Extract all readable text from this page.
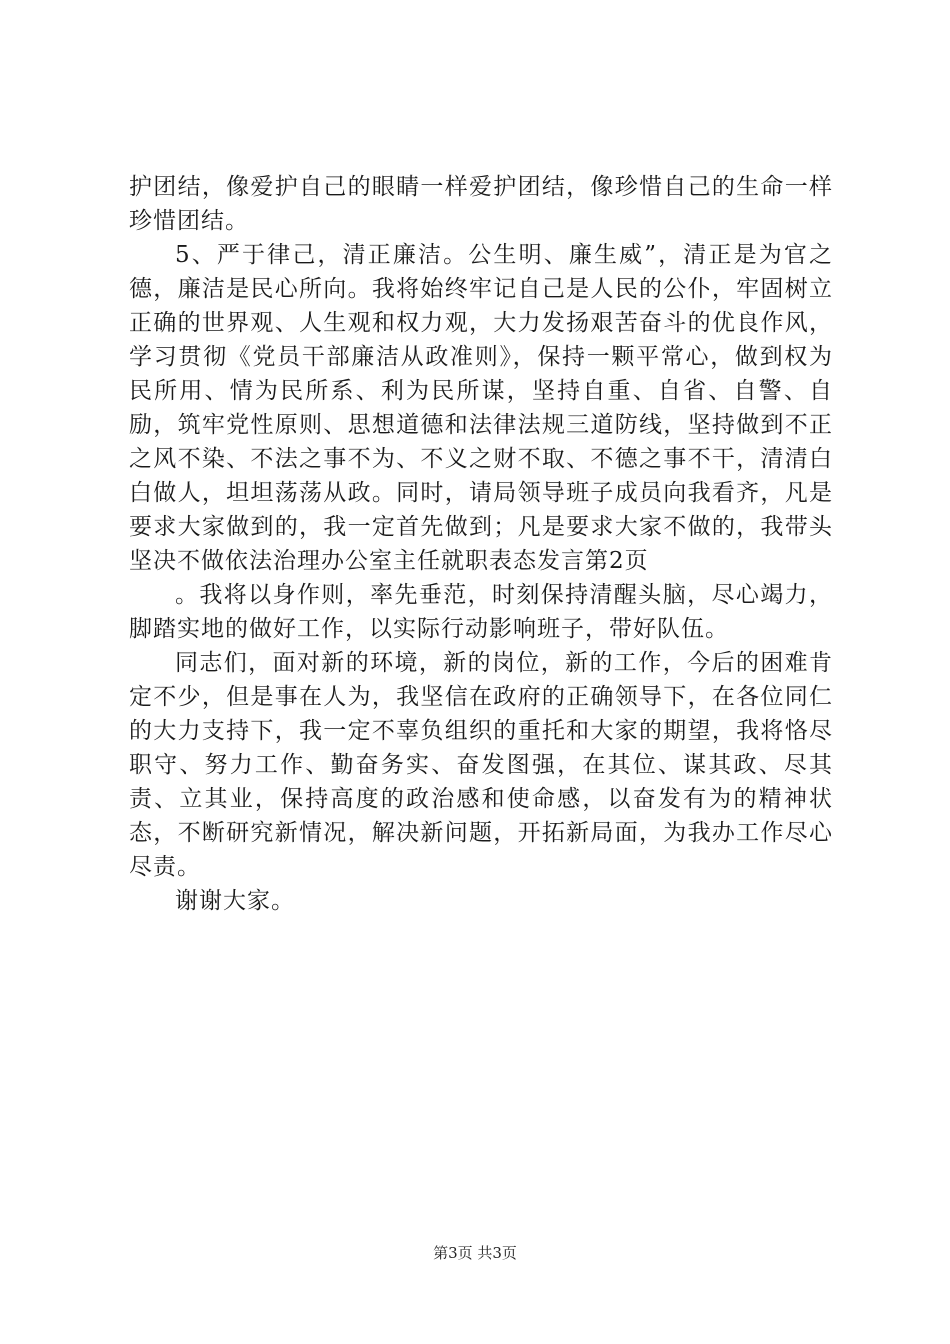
护团结，像爱护自己的眼睛一样爱护团结，像珍惜自己的生命一样珍惜团结。

5、严于律己，清正廉洁。公生明、廉生威”，清正是为官之德，廉洁是民心所向。我将始终牢记自己是人民的公仆，牢固树立正确的世界观、人生观和权力观，大力发扬艰苦奋斗的优良作风，学习贯彻《党员干部廉洁从政准则》，保持一颗平常心，做到权为民所用、情为民所系、利为民所谋，坚持自重、自省、自警、自励，筑牢党性原则、思想道德和法律法规三道防线，坚持做到不正之风不染、不法之事不为、不义之财不取、不德之事不干，清清白白做人，坦坦荡荡从政。同时，请局领导班子成员向我看齐，凡是要求大家做到的，我一定首先做到；凡是要求大家不做的，我带头坚决不做依法治理办公室主任就职表态发言第2页

。我将以身作则，率先垂范，时刻保持清醒头脑，尽心竭力，脚踏实地的做好工作，以实际行动影响班子，带好队伍。

同志们，面对新的环境，新的岗位，新的工作，今后的困难肯定不少，但是事在人为，我坚信在政府的正确领导下，在各位同仁的大力支持下，我一定不辜负组织的重托和大家的期望，我将恪尽职守、努力工作、勤奋务实、奋发图强，在其位、谋其政、尽其责、立其业，保持高度的政治感和使命感，以奋发有为的精神状态，不断研究新情况，解决新问题，开拓新局面，为我办工作尽心尽责。

谢谢大家。

第3页 共3页
